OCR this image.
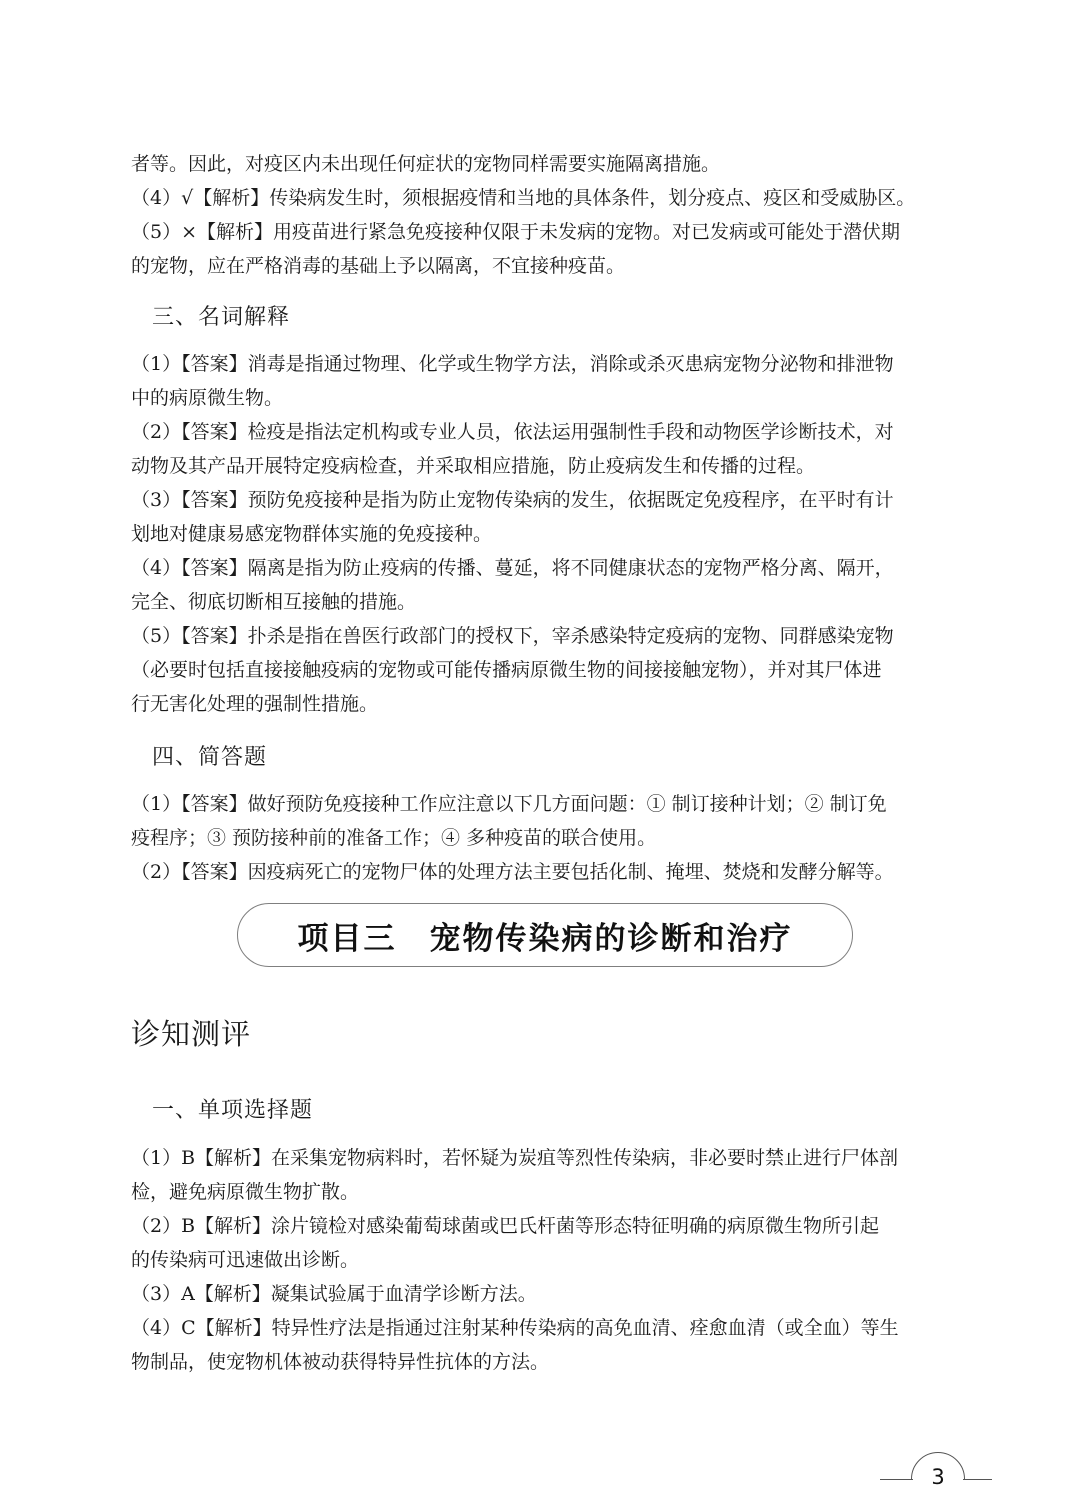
者等。因此，对疫区内未出现任何症状的宠物同样需要实施隔离措施。
（4）√【解析】传染病发生时，须根据疫情和当地的具体条件，划分疫点、疫区和受威胁区。
（5）×【解析】用疫苗进行紧急免疫接种仅限于未发病的宠物。对已发病或可能处于潜伏期
的宠物，应在严格消毒的基础上予以隔离，不宜接种疫苗。
三、名词解释
（1）【答案】消毒是指通过物理、化学或生物学方法，消除或杀灭患病宠物分泌物和排泄物
中的病原微生物。
（2）【答案】检疫是指法定机构或专业人员，依法运用强制性手段和动物医学诊断技术，对
动物及其产品开展特定疫病检查，并采取相应措施，防止疫病发生和传播的过程。
（3）【答案】预防免疫接种是指为防止宠物传染病的发生，依据既定免疫程序，在平时有计
划地对健康易感宠物群体实施的免疫接种。
（4）【答案】隔离是指为防止疫病的传播、蔓延，将不同健康状态的宠物严格分离、隔开，
完全、彻底切断相互接触的措施。
（5）【答案】扑杀是指在兽医行政部门的授权下，宰杀感染特定疫病的宠物、同群感染宠物
（必要时包括直接接触疫病的宠物或可能传播病原微生物的间接接触宠物），并对其尸体进
行无害化处理的强制性措施。
四、简答题
（1）【答案】做好预防免疫接种工作应注意以下几方面问题：① 制订接种计划；② 制订免
疫程序；③ 预防接种前的准备工作；④ 多种疫苗的联合使用。
（2）【答案】因疫病死亡的宠物尸体的处理方法主要包括化制、掩埋、焚烧和发酵分解等。
项目三　宠物传染病的诊断和治疗
诊知测评
一、单项选择题
（1）B【解析】在采集宠物病料时，若怀疑为炭疽等烈性传染病，非必要时禁止进行尸体剖
检，避免病原微生物扩散。
（2）B【解析】涂片镜检对感染葡萄球菌或巴氏杆菌等形态特征明确的病原微生物所引起
的传染病可迅速做出诊断。
（3）A【解析】凝集试验属于血清学诊断方法。
（4）C【解析】特异性疗法是指通过注射某种传染病的高免血清、痊愈血清（或全血）等生
物制品，使宠物机体被动获得特异性抗体的方法。
3
